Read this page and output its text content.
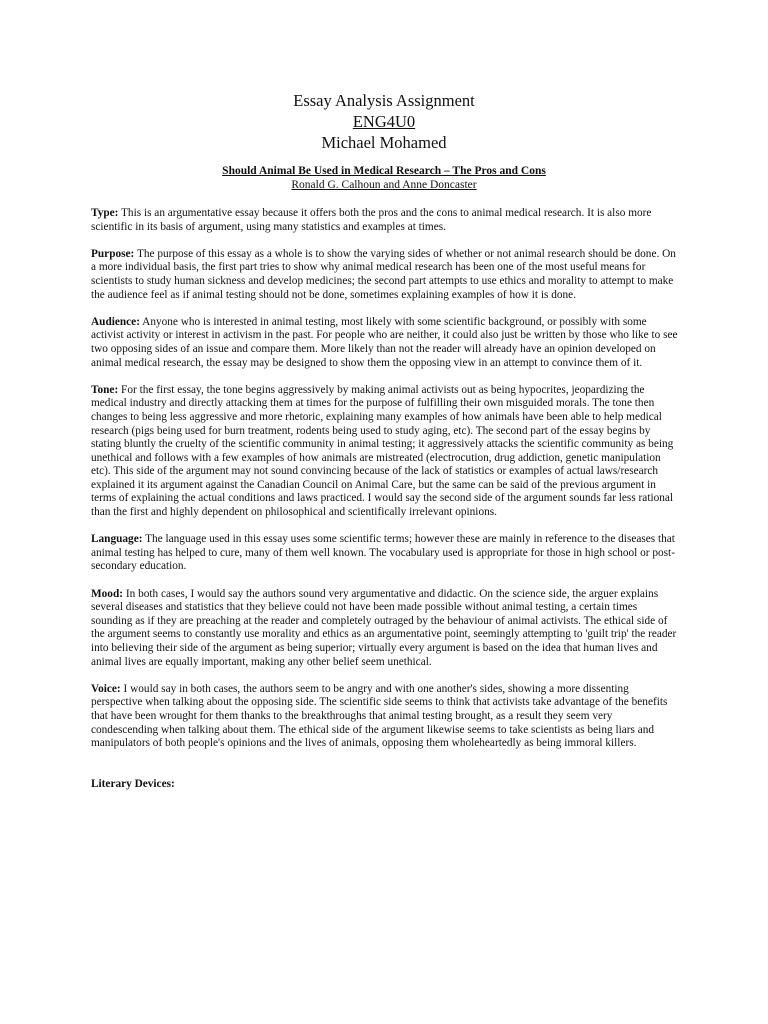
Essay Analysis Assignment
ENG4U0
Michael Mohamed
Should Animal Be Used in Medical Research – The Pros and Cons
Ronald G. Calhoun and Anne Doncaster

Type: This is an argumentative essay because it offers both the pros and the cons to animal medical research. It is also more scientific in its basis of argument, using many statistics and examples at times.

Purpose: The purpose of this essay as a whole is to show the varying sides of whether or not animal research should be done. On a more individual basis, the first part tries to show why animal medical research has been one of the most useful means for scientists to study human sickness and develop medicines; the second part attempts to use ethics and morality to attempt to make the audience feel as if animal testing should not be done, sometimes explaining examples of how it is done.

Audience: Anyone who is interested in animal testing, most likely with some scientific background, or possibly with some activist activity or interest in activism in the past. For people who are neither, it could also just be written by those who like to see two opposing sides of an issue and compare them. More likely than not the reader will already have an opinion developed on animal medical research, the essay may be designed to show them the opposing view in an attempt to convince them of it.

Tone: For the first essay, the tone begins aggressively by making animal activists out as being hypocrites, jeopardizing the medical industry and directly attacking them at times for the purpose of fulfilling their own misguided morals. The tone then changes to being less aggressive and more rhetoric, explaining many examples of how animals have been able to help medical research (pigs being used for burn treatment, rodents being used to study aging, etc). The second part of the essay begins by stating bluntly the cruelty of the scientific community in animal testing; it aggressively attacks the scientific community as being unethical and follows with a few examples of how animals are mistreated (electrocution, drug addiction, genetic manipulation etc). This side of the argument may not sound convincing because of the lack of statistics or examples of actual laws/research explained it its argument against the Canadian Council on Animal Care, but the same can be said of the previous argument in terms of explaining the actual conditions and laws practiced. I would say the second side of the argument sounds far less rational than the first and highly dependent on philosophical and scientifically irrelevant opinions.

Language: The language used in this essay uses some scientific terms; however these are mainly in reference to the diseases that animal testing has helped to cure, many of them well known. The vocabulary used is appropriate for those in high school or post-secondary education.

Mood: In both cases, I would say the authors sound very argumentative and didactic. On the science side, the arguer explains several diseases and statistics that they believe could not have been made possible without animal testing, a certain times sounding as if they are preaching at the reader and completely outraged by the behaviour of animal activists. The ethical side of the argument seems to constantly use morality and ethics as an argumentative point, seemingly attempting to 'guilt trip' the reader into believing their side of the argument as being superior; virtually every argument is based on the idea that human lives and animal lives are equally important, making any other belief seem unethical.

Voice: I would say in both cases, the authors seem to be angry and with one another's sides, showing a more dissenting perspective when talking about the opposing side. The scientific side seems to think that activists take advantage of the benefits that have been wrought for them thanks to the breakthroughs that animal testing brought, as a result they seem very condescending when talking about them. The ethical side of the argument likewise seems to take scientists as being liars and manipulators of both people's opinions and the lives of animals, opposing them wholeheartedly as being immoral killers.

Literary Devices:
